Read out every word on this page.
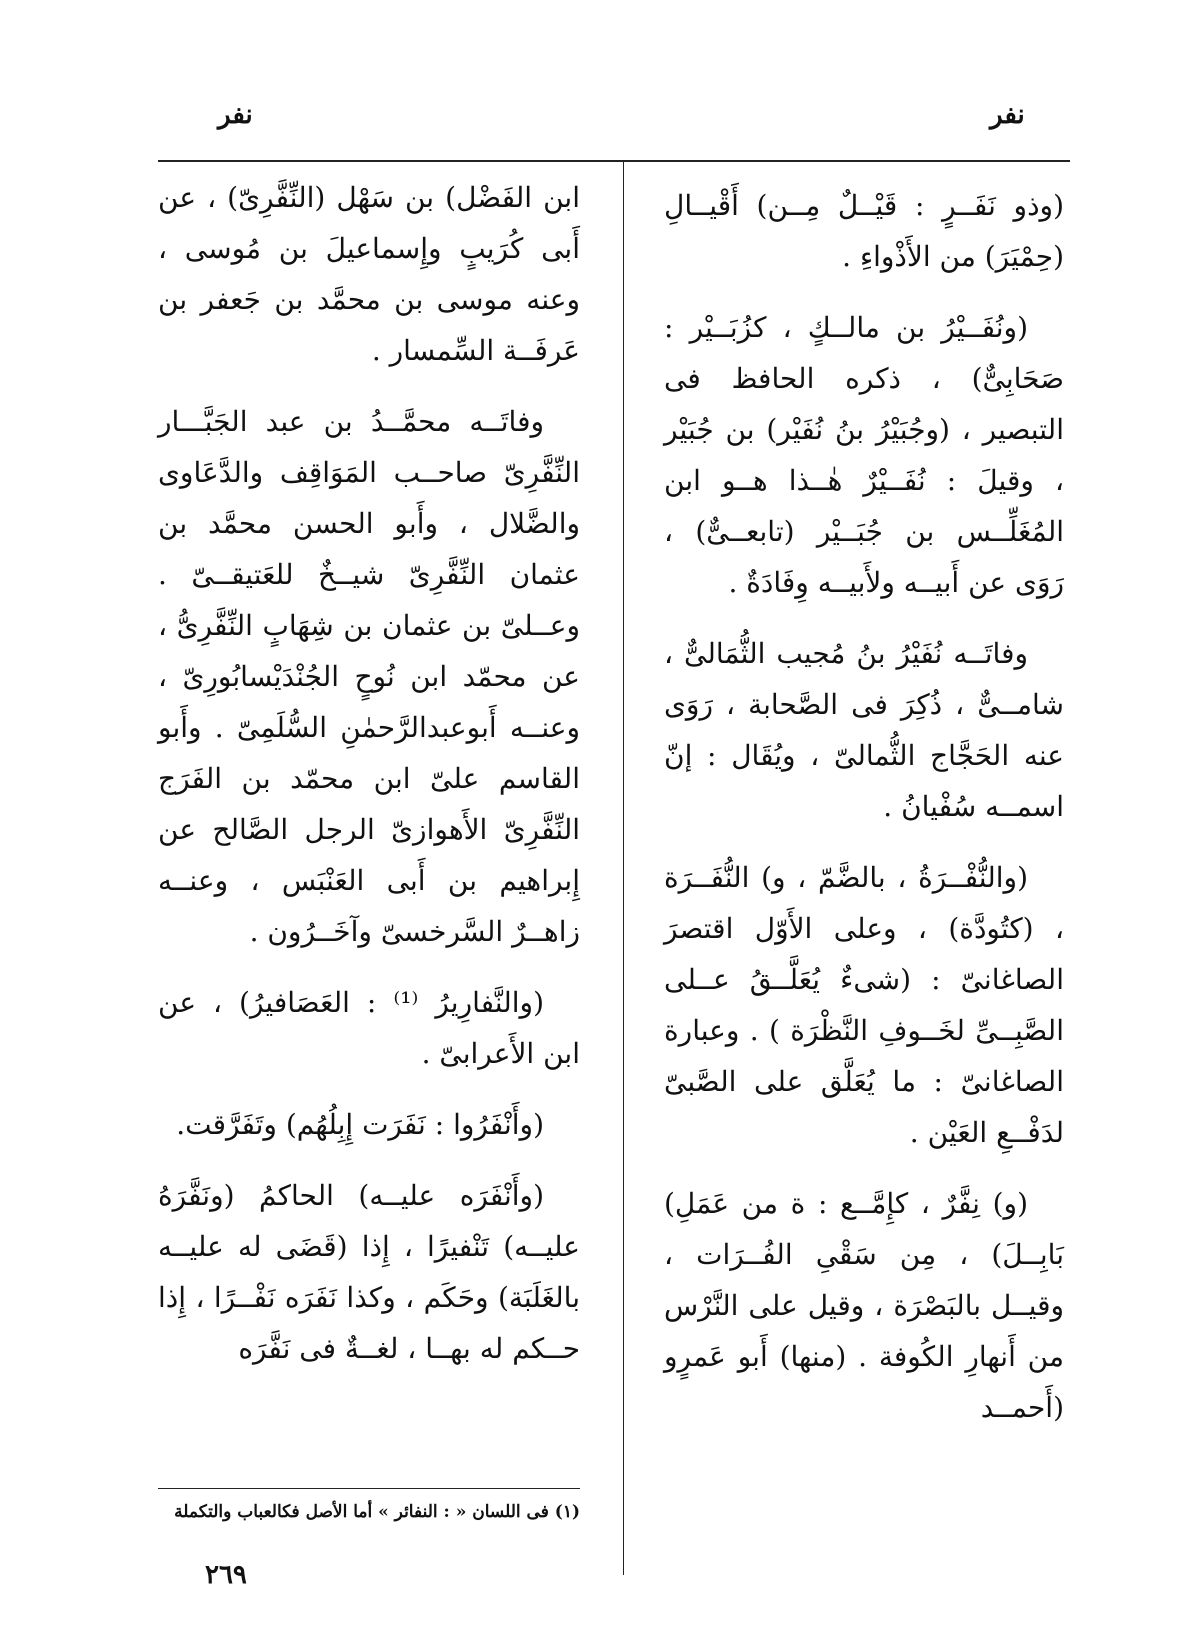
نفر
نفر

(وذو نَفَــرٍ : قَيْــلٌ مِــن) أَقْيــالِ (حِمْيَرَ) من الأَذْواءِ .

(ونُفَــيْرُ بن مالــكٍ ، كزُبَــيْر : صَحَابِىٌّ) ، ذكره الحافظ فى التبصير ، (وجُبَيْرُ بنُ نُفَيْر) بن جُبَيْر ، وقيلَ : نُفَــيْرٌ هٰــذا هــو ابن المُغَلِّــس بن جُبَــيْر (تابعــىٌّ) ، رَوَى عن أَبيــه ولأَبيــه وِفَادَةٌ .

وفاتَــه نُفَيْرُ بنُ مُجيب الثُّمَالىٌّ ، شامــىٌّ ، ذُكِرَ فى الصَّحابة ، رَوَى عنه الحَجَّاج الثُّمالىّ ، ويُقَال : إنّ اسمــه سُفْيانُ .

(والنُّفْــرَةُ ، بالضَّمّ ، و) النُّفَــرَة ، (كتُودَّة) ، وعلى الأَوّل اقتصرَ الصاغانىّ : (شىءٌ يُعَلَّــقُ عــلى الصَّبِــىِّ لخَــوفِ النَّظْرَة ) . وعبارة الصاغانىّ : ما يُعَلَّق على الصَّبىّ لدَفْــعِ العَيْن .

(و) نِفَّرٌ ، كإِمَّــع : ة من عَمَلِ) بَابِــلَ) ، مِن سَقْىِ الفُــرَات ، وقيــل بالبَصْرَة ، وقيل على النَّرْس من أَنهارِ الكُوفة . (منها) أَبو عَمرٍو (أَحمــد

ابن الفَضْل) بن سَهْل (النِّفَّرِىّ) ، عن أَبى كُرَيبٍ وإِسماعيلَ بن مُوسى ، وعنه موسى بن محمَّد بن جَعفر بن عَرفَــة السِّمسار .

وفاتَــه محمَّــدُ بن عبد الجَبَّـــار النِّفَّرِىّ صاحــب المَوَاقِف والدَّعَاوى والضَّلال ، وأَبو الحسن محمَّد بن عثمان النِّفَّرِىّ شيــخٌ للعَتيقــىّ . وعــلىّ بن عثمان بن شِهَابٍ النِّفَّرِىُّ ، عن محمّد ابن نُوحٍ الجُنْدَيْسابُورِىّ ، وعنــه أَبوعبدالرَّحمٰنِ السُّلَمِىّ . وأَبو القاسم علىّ ابن محمّد بن الفَرَج النِّفَّرِىّ الأَهوازىّ الرجل الصَّالح عن إِبراهيم بن أَبى العَنْبَس ، وعنــه زاهــرٌ السَّرخسىّ وآخَــرُون .

(والنَّفارِيرُ ⁽¹⁾ : العَصَافيرُ) ، عن ابن الأَعرابىّ .

(وأَنْفَرُوا : نَفَرَت إِبِلُهُم) وتَفَرَّقت.

(وأَنْفَرَه عليــه) الحاكمُ (ونَفَّرَهُ عليــه) تَنْفيرًا ، إِذا (قَضَى له عليــه بالغَلَبَة) وحَكَم ، وكذا نَفَرَه نَفْــرًا ، إِذا حــكم له بهــا ، لغــةٌ فى نَفَّرَه

(١) فى اللسان « : النفائر » أما الأصل فكالعباب والتكملة
٢٦٩
